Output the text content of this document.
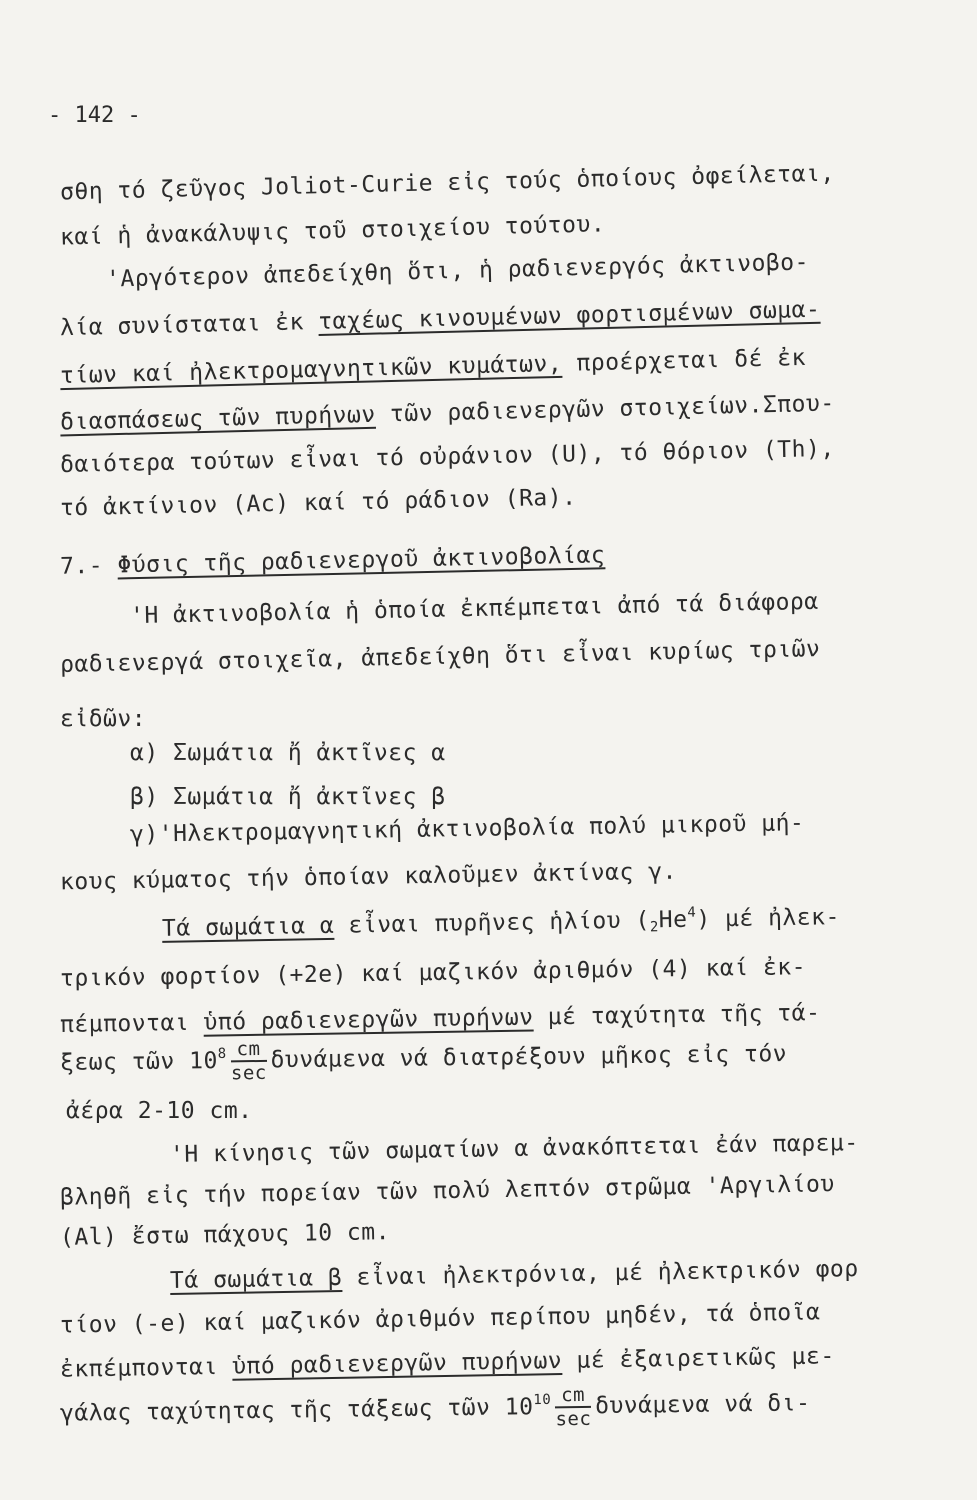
- 142 -
σθη τό ζεῦγος Joliot-Curie εἰς τούς ὁποίους ὀφείλεται,
καί ἡ ἀνακάλυψις τοῦ στοιχείου τούτου.
'Αργότερον ἀπεδείχθη ὅτι, ἡ ραδιενεργός ἀκτινοβο-
λία συνίσταται ἐκ ταχέως κινουμένων φορτισμένων σωμα-
τίων καί ἠλεκτρομαγνητικῶν κυμάτων, προέρχεται δέ ἐκ
διασπάσεως τῶν πυρήνων τῶν ραδιενεργῶν στοιχείων.Σπου-
δαιότερα τούτων εἶναι τό οὐράνιον (U), τό θόριον (Th),
τό ἀκτίνιον (Ac) καί τό ράδιον (Ra).
7.- Φύσις τῆς ραδιενεργοῦ ἀκτινοβολίας
'Η ἀκτινοβολία ἡ ὁποία ἐκπέμπεται ἀπό τά διάφορα
ραδιενεργά στοιχεῖα, ἀπεδείχθη ὅτι εἶναι κυρίως τριῶν
εἰδῶν:
α) Σωμάτια ἤ ἀκτῖνες α
β) Σωμάτια ἤ ἀκτῖνες β
γ)'Ηλεκτρομαγνητική ἀκτινοβολία πολύ μικροῦ μή-
κους κύματος τήν ὁποίαν καλοῦμεν ἀκτίνας γ.
Τά σωμάτια α εἶναι πυρῆνες ἡλίου $(_2He^4)$ μέ ἠλεκ-
τρικόν φορτίον (+2e) καί μαζικόν ἀριθμόν (4) καί ἐκ-
πέμπονται ὑπό ραδιενεργῶν πυρήνων μέ ταχύτητα τῆς τά-
ξεως τῶν $10^8 \frac{cm}{\sec}$ δυνάμενα νά διατρέξουν μῆκος εἰς τόν
ἀέρα 2-10 cm.
'Η κίνησις τῶν σωματίων α ἀνακόπτεται ἐάν παρεμ-
βληθῆ εἰς τήν πορείαν τῶν πολύ λεπτόν στρῶμα 'Αργιλίου
(Al) ἔστω πάχους 10 cm.
Τά σωμάτια β εἶναι ἠλεκτρόνια, μέ ἠλεκτρικόν φορ
τίον (-e) καί μαζικόν ἀριθμόν περίπου μηδέν, τά ὁποῖα
ἐκπέμπονται ὑπό ραδιενεργῶν πυρήνων μέ ἐξαιρετικῶς με-
γάλας ταχύτητας τῆς τάξεως τῶν $10^{10} \frac{cm}{\sec}$ δυνάμενα νά δι-
